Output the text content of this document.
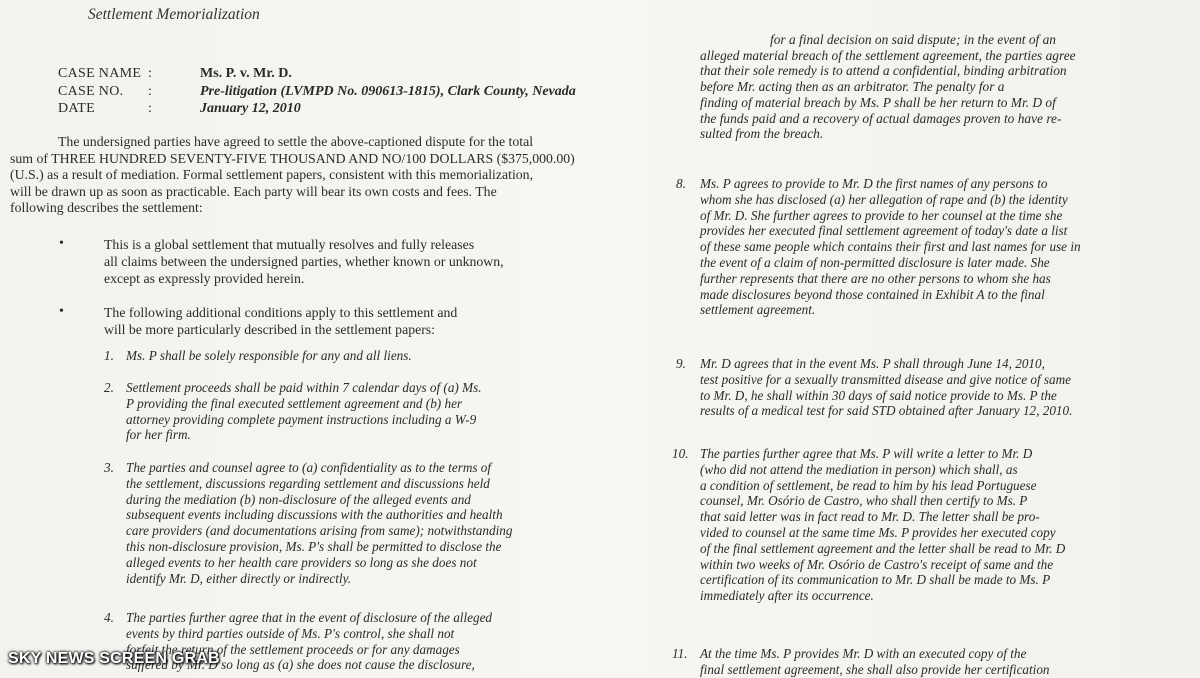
Settlement Memorialization
CASE NAME :	Ms. P. v. Mr. D.
CASE NO. :	Pre-litigation (LVMPD No. 090613-1815), Clark County, Nevada
DATE	:	January 12, 2010
The undersigned parties have agreed to settle the above-captioned dispute for the total
sum of THREE HUNDRED SEVENTY-FIVE THOUSAND AND NO/100 DOLLARS ($375,000.00)
(U.S.) as a result of mediation. Formal settlement papers, consistent with this memorialization,
will be drawn up as soon as practicable. Each party will bear its own costs and fees. The
following describes the settlement:
•	This is a global settlement that mutually resolves and fully releases
all claims between the undersigned parties, whether known or unknown,
except as expressly provided herein.
•	The following additional conditions apply to this settlement and
will be more particularly described in the settlement papers:
1. Ms. P shall be solely responsible for any and all liens.
2. Settlement proceeds shall be paid within 7 calendar days of (a) Ms.
P providing the final executed settlement agreement and (b) her
attorney providing complete payment instructions including a W-9
for her firm.
3. The parties and counsel agree to (a) confidentiality as to the terms of
the settlement, discussions regarding settlement and discussions held
during the mediation (b) non-disclosure of the alleged events and
subsequent events including discussions with the authorities and health
care providers (and documentations arising from same); notwithstanding
this non-disclosure provision, Ms. P's shall be permitted to disclose the
alleged events to her health care providers so long as she does not
identify Mr. D, either directly or indirectly.
4. The parties further agree that in the event of disclosure of the alleged
events by third parties outside of Ms. P's control, she shall not
forfeit the return of the settlement proceeds or for any damages
suffered by Mr. D so long as (a) she does not cause the disclosure,
for a final decision on said dispute; in the event of an
alleged material breach of the settlement agreement, the parties agree
that their sole remedy is to attend a confidential, binding arbitration
before Mr. acting then as an arbitrator. The penalty for a
finding of material breach by Ms. P shall be her return to Mr. D of
the funds paid and a recovery of actual damages proven to have re-
sulted from the breach.
8. Ms. P agrees to provide to Mr. D the first names of any persons to
whom she has disclosed (a) her allegation of rape and (b) the identity
of Mr. D. She further agrees to provide to her counsel at the time she
provides her executed final settlement agreement of today's date a list
of these same people which contains their first and last names for use in
the event of a claim of non-permitted disclosure is later made. She
further represents that there are no other persons to whom she has
made disclosures beyond those contained in Exhibit A to the final
settlement agreement.
9. Mr. D agrees that in the event Ms. P shall through June 14, 2010,
test positive for a sexually transmitted disease and give notice of same
to Mr. D, he shall within 30 days of said notice provide to Ms. P the
results of a medical test for said STD obtained after January 12, 2010.
10. The parties further agree that Ms. P will write a letter to Mr. D
(who did not attend the mediation in person) which shall, as
a condition of settlement, be read to him by his lead Portuguese
counsel, Mr. Osório de Castro, who shall then certify to Ms. P
that said letter was in fact read to Mr. D. The letter shall be pro-
vided to counsel at the same time Ms. P provides her executed copy
of the final settlement agreement and the letter shall be read to Mr. D
within two weeks of Mr. Osório de Castro's receipt of same and the
certification of its communication to Mr. D shall be made to Ms. P
immediately after its occurrence.
11. At the time Ms. P provides Mr. D with an executed copy of the
final settlement agreement, she shall also provide her certification
SKY NEWS SCREEN GRAB
